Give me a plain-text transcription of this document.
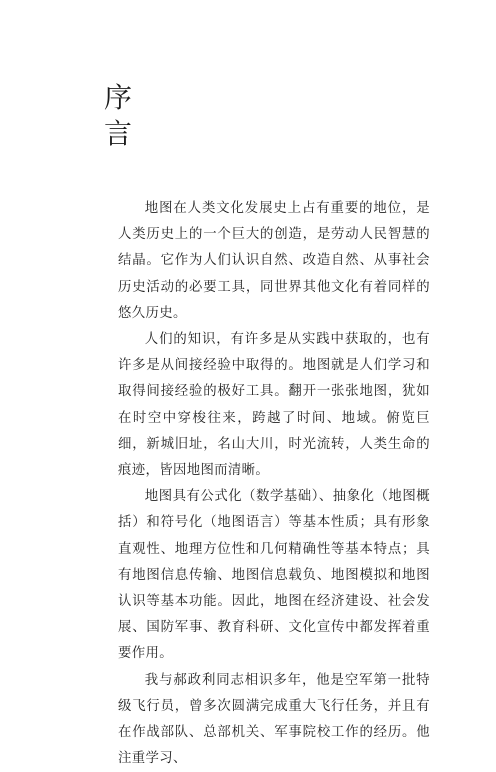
序
言

地图在人类文化发展史上占有重要的地位，是人类历史上的一个巨大的创造，是劳动人民智慧的结晶。它作为人们认识自然、改造自然、从事社会历史活动的必要工具，同世界其他文化有着同样的悠久历史。

人们的知识，有许多是从实践中获取的，也有许多是从间接经验中取得的。地图就是人们学习和取得间接经验的极好工具。翻开一张张地图，犹如在时空中穿梭往来，跨越了时间、地域。俯览巨细，新城旧址，名山大川，时光流转，人类生命的痕迹，皆因地图而清晰。

地图具有公式化（数学基础）、抽象化（地图概括）和符号化（地图语言）等基本性质；具有形象直观性、地理方位性和几何精确性等基本特点；具有地图信息传输、地图信息载负、地图模拟和地图认识等基本功能。因此，地图在经济建设、社会发展、国防军事、教育科研、文化宣传中都发挥着重要作用。

我与郝政利同志相识多年，他是空军第一批特级飞行员，曾多次圆满完成重大飞行任务，并且有在作战部队、总部机关、军事院校工作的经历。他注重学习、
